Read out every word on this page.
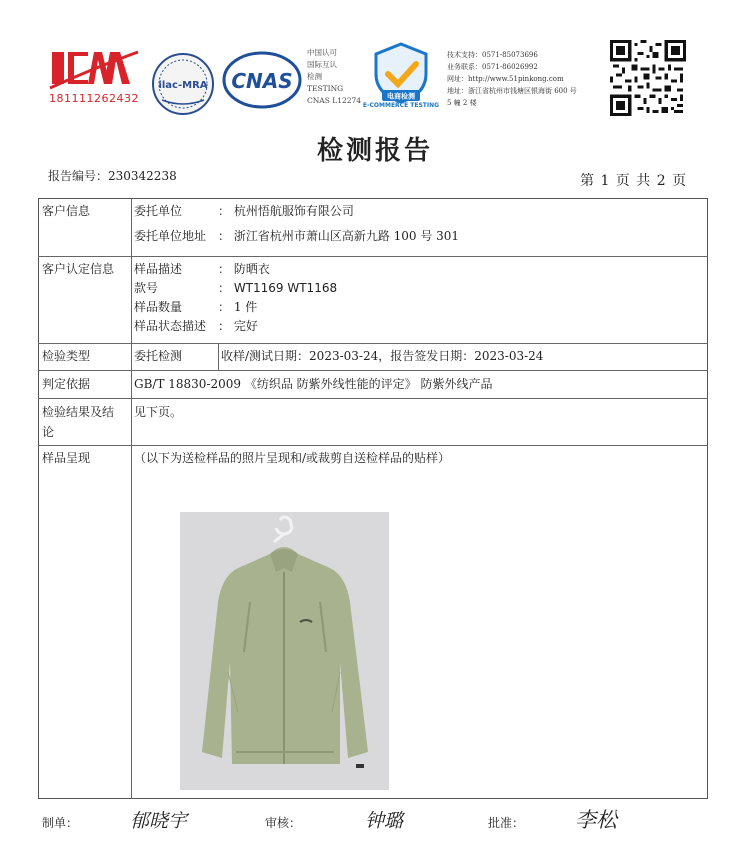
181111262432
ilac-MRA CNAS
中国认可
国际互认
检测
TESTING
CNAS L12274	电商检测
E-COMMERCE TESTING
技术支持：0571-85073696
业务联系：0571-86026992
网址：http://www.51pinkong.com
地址：浙江省杭州市钱塘区银海街 600 号
5 幢 2 楼
检测报告
报告编号：230342238	第 1 页 共 2 页
客户信息	委托单位	： 杭州悟航服饰有限公司
委托单位地址 ： 浙江省杭州市萧山区高新九路 100 号 301
客户认定信息 样品描述	： 防晒衣
款号	： WT1169 WT1168
样品数量	： 1 件
样品状态描述 ： 完好
检验类型	委托检测	收样/测试日期：2023-03-24，报告签发日期：2023-03-24
判定依据	GB/T 18830-2009 《纺织品 防紫外线性能的评定》 防紫外线产品
检验结果及结
论
见下页。
样品呈现	（以下为送检样品的照片呈现和/或裁剪自送检样品的贴样）
制单：	郁晓宇	审核：	钟璐	批准： 李松
